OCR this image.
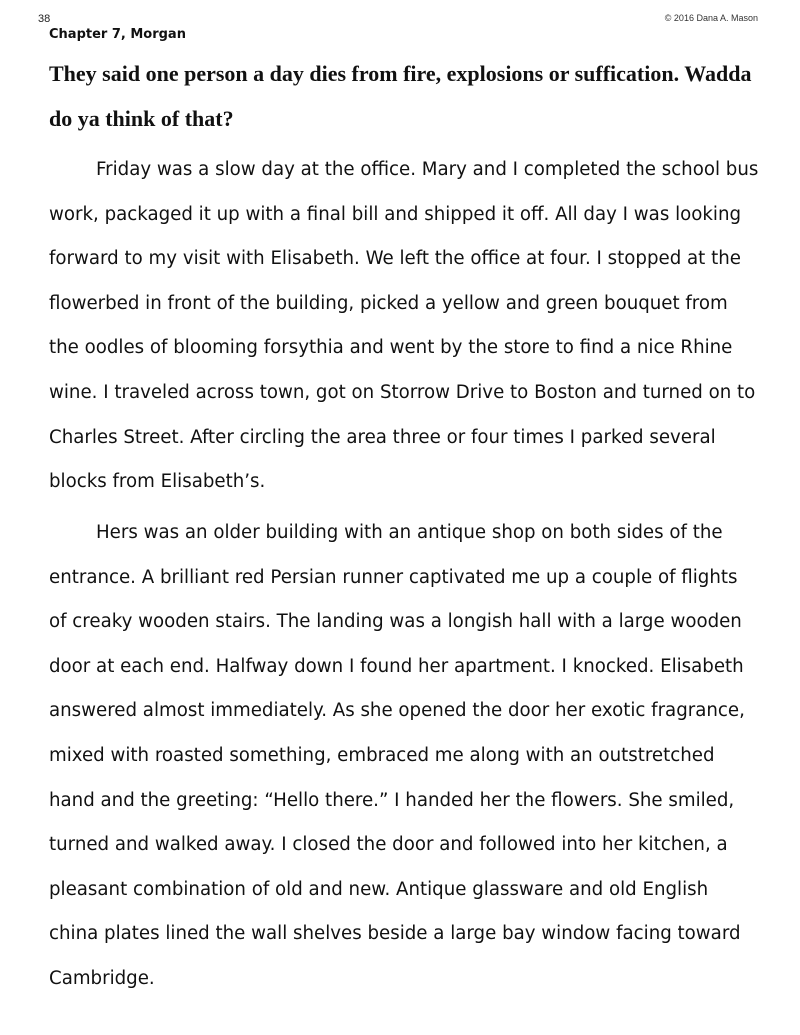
38	© 2016 Dana A. Mason
Chapter 7, Morgan
They said one person a day dies from fire, explosions or suffication. Wadda do ya think of that?

Friday was a slow day at the office. Mary and I completed the school bus work, packaged it up with a final bill and shipped it off. All day I was looking forward to my visit with Elisabeth. We left the office at four. I stopped at the flowerbed in front of the building, picked a yellow and green bouquet from the oodles of blooming forsythia and went by the store to find a nice Rhine wine. I traveled across town, got on Storrow Drive to Boston and turned on to Charles Street. After circling the area three or four times I parked several blocks from Elisabeth’s.

Hers was an older building with an antique shop on both sides of the entrance. A brilliant red Persian runner captivated me up a couple of flights of creaky wooden stairs. The landing was a longish hall with a large wooden door at each end. Halfway down I found her apartment. I knocked. Elisabeth answered almost immediately. As she opened the door her exotic fragrance, mixed with roasted something, embraced me along with an outstretched hand and the greeting: “Hello there.” I handed her the flowers. She smiled, turned and walked away. I closed the door and followed into her kitchen, a pleasant combination of old and new. Antique glassware and old English china plates lined the wall shelves beside a large bay window facing toward Cambridge.
